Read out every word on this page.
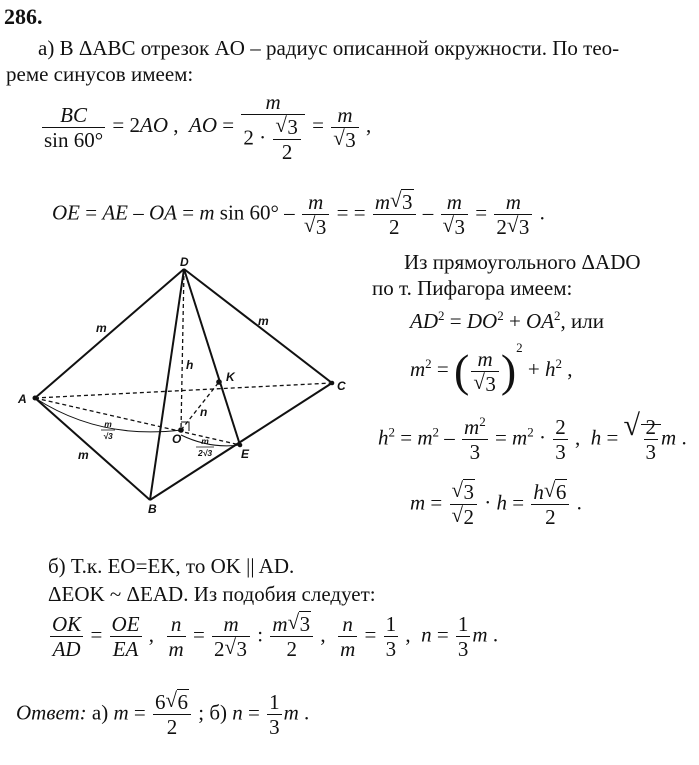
286.
а) В ΔABC отрезок AO – радиус описанной окружности. По тео-
реме синусов имеем:
$\frac{BC}{\sin 60^\circ} = 2AO$ ,  AO = $\frac{m}{2 \cdot \frac{√ 3}{2}} = \frac{m}{√ 3}$ ,
OE = AE – OA = m $\sin 60^\circ - \frac{m}{√ 3}$ = = $\frac{m √ 3}{2} - \frac{m}{√ 3} = \frac{m}{2 √ 3}$ .
D
A
B
C
E
K
O
m	m
m
h
n
m
√3	m
2√3
Из прямоугольного ΔADO
по т. Пифагора имеем:
$AD^2 = DO^2 + OA^2$, или
$m^2$ = ( $\frac{m}{√ 3} )^2 + h^2$ ,
$h^2 = m^2 - \frac{m^2}{3} = m^2 \cdot \frac{2}{3}$ ,  h = √ $\frac{2}{3}$ m .
$m = \frac{√ 3}{√ 2} \cdot h = \frac{h √ 6}{2}$ .
б) Т.к. EO=EK, то OK || AD.
ΔEOK ~ ΔEAD. Из подобия следует:
$\frac{OK}{AD} = \frac{OE}{EA}$ , $\frac{n}{m} = \frac{m}{2 √ 3}$ : $\frac{m √ 3}{2}$ , $\frac{n}{m} = \frac{1}{3}$ ,  $n = \frac{1}{3}$ m .
Ответ: а) $m = \frac{6 √ 6}{2}$ ; б) $n = \frac{1}{3}$ m .
